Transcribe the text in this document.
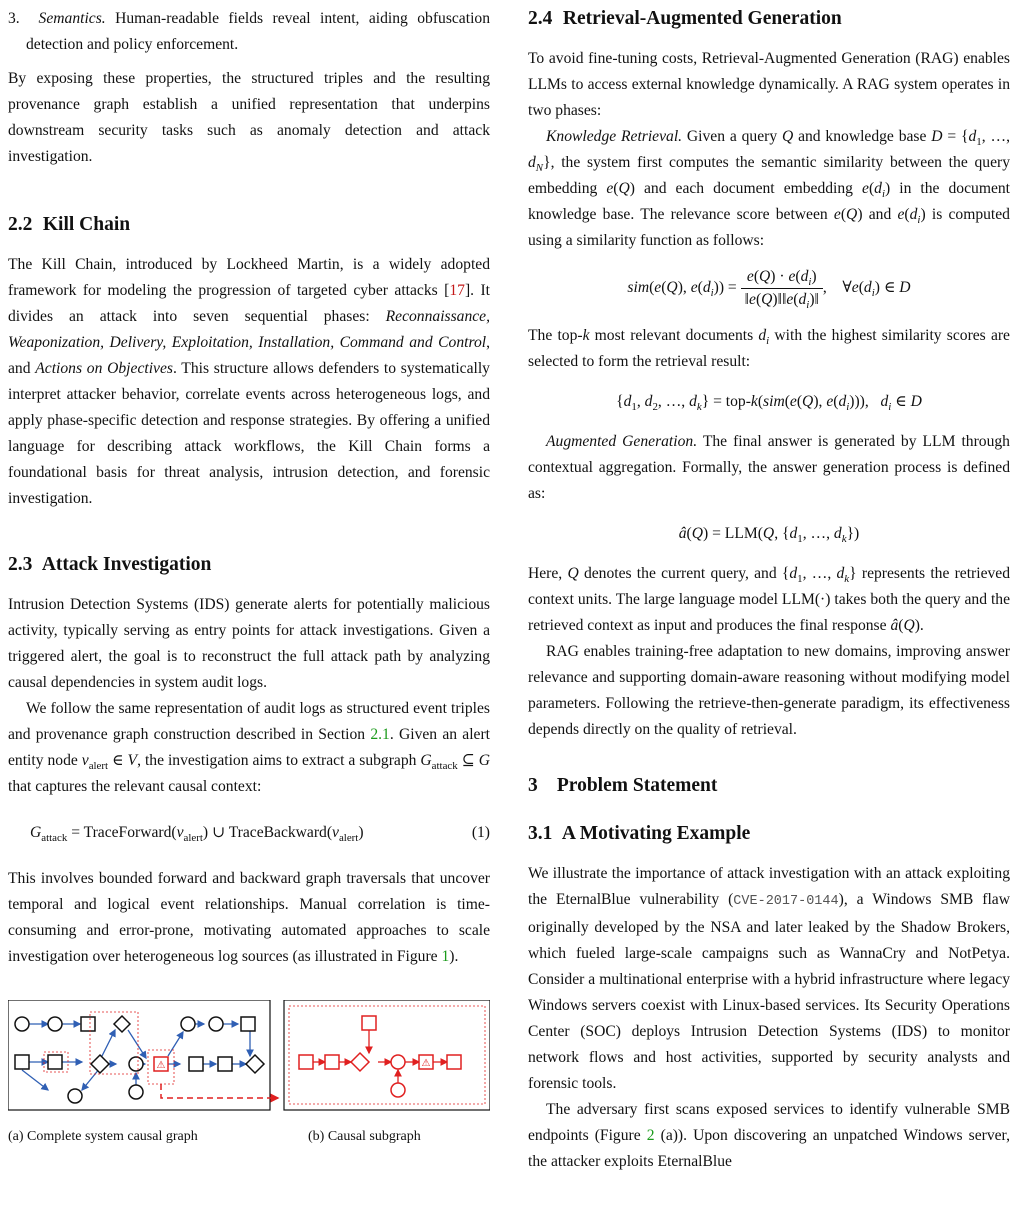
3. Semantics. Human-readable fields reveal intent, aiding obfuscation detection and policy enforcement.

By exposing these properties, the structured triples and the resulting provenance graph establish a unified representation that underpins downstream security tasks such as anomaly detection and attack investigation.

2.2 Kill Chain

The Kill Chain, introduced by Lockheed Martin, is a widely adopted framework for modeling the progression of targeted cyber attacks [17]. It divides an attack into seven sequential phases: Reconnaissance, Weaponization, Delivery, Exploitation, Installation, Command and Control, and Actions on Objectives. This structure allows defenders to systematically interpret attacker behavior, correlate events across heterogeneous logs, and apply phase-specific detection and response strategies. By offering a unified language for describing attack workflows, the Kill Chain forms a foundational basis for threat analysis, intrusion detection, and forensic investigation.

2.3 Attack Investigation

Intrusion Detection Systems (IDS) generate alerts for potentially malicious activity, typically serving as entry points for attack investigations. Given a triggered alert, the goal is to reconstruct the full attack path by analyzing causal dependencies in system audit logs.

We follow the same representation of audit logs as structured event triples and provenance graph construction described in Section 2.1. Given an alert entity node $v_{alert}$ ∈ V, the investigation aims to extract a subgraph $G_{attack}$ ⊆ G that captures the relevant causal context:

$G_{attack}$ = $TraceForward(v_{alert})$ ∪ $TraceBackward(v_{alert})$	(1)

This involves bounded forward and backward graph traversals that uncover temporal and logical event relationships. Manual correlation is time-consuming and error-prone, motivating automated approaches to scale investigation over heterogeneous log sources (as illustrated in Figure 1).

⚠	⚠
(a) Complete system causal graph	(b) Causal subgraph
2.4 Retrieval-Augmented Generation

To avoid fine-tuning costs, Retrieval-Augmented Generation (RAG) enables LLMs to access external knowledge dynamically. A RAG system operates in two phases:

Knowledge Retrieval. Given a query Q and knowledge base $D = \{d_1$, …, $d_N$}, the system first computes the semantic similarity between the query embedding e(Q) and each document embedding $e(d_i)$ in the document knowledge base. The relevance score between e(Q) and $e(d_i)$ is computed using a similarity function as follows:

sim(e(Q), $e(d_i)) = \frac{e(Q) \cdot e(d_i)}{‖e(Q)‖‖e(d_i)‖}$ ,    $\forall e(d_i)$ ∈ D

The top-k most relevant documents $d_i$ with the highest similarity scores are selected to form the retrieval result:

{$d_1$, $d_2$, …, $d_k\} = top-k(sim(e(Q)$, $e(d_i)$)),   $d_i$ ∈ D

Augmented Generation. The final answer is generated by LLM through contextual aggregation. Formally, the answer generation process is defined as:

â(Q) = LLM(Q, {$d_1$, …, $d_k$})

Here, Q denotes the current query, and {$d_1$, …, $d_k$} represents the retrieved context units. The large language model LLM(·) takes both the query and the retrieved context as input and produces the final response â(Q).

RAG enables training-free adaptation to new domains, improving answer relevance and supporting domain-aware reasoning without modifying model parameters. Following the retrieve-then-generate paradigm, its effectiveness depends directly on the quality of retrieval.

3 Problem Statement
3.1 A Motivating Example

We illustrate the importance of attack investigation with an attack exploiting the EternalBlue vulnerability (CVE-2017-0144), a Windows SMB flaw originally developed by the NSA and later leaked by the Shadow Brokers, which fueled large-scale campaigns such as WannaCry and NotPetya. Consider a multinational enterprise with a hybrid infrastructure where legacy Windows servers coexist with Linux-based services. Its Security Operations Center (SOC) deploys Intrusion Detection Systems (IDS) to monitor network flows and host activities, supported by security analysts and forensic tools.

The adversary first scans exposed services to identify vulnerable SMB endpoints (Figure 2 (a)). Upon discovering an unpatched Windows server, the attacker exploits EternalBlue
